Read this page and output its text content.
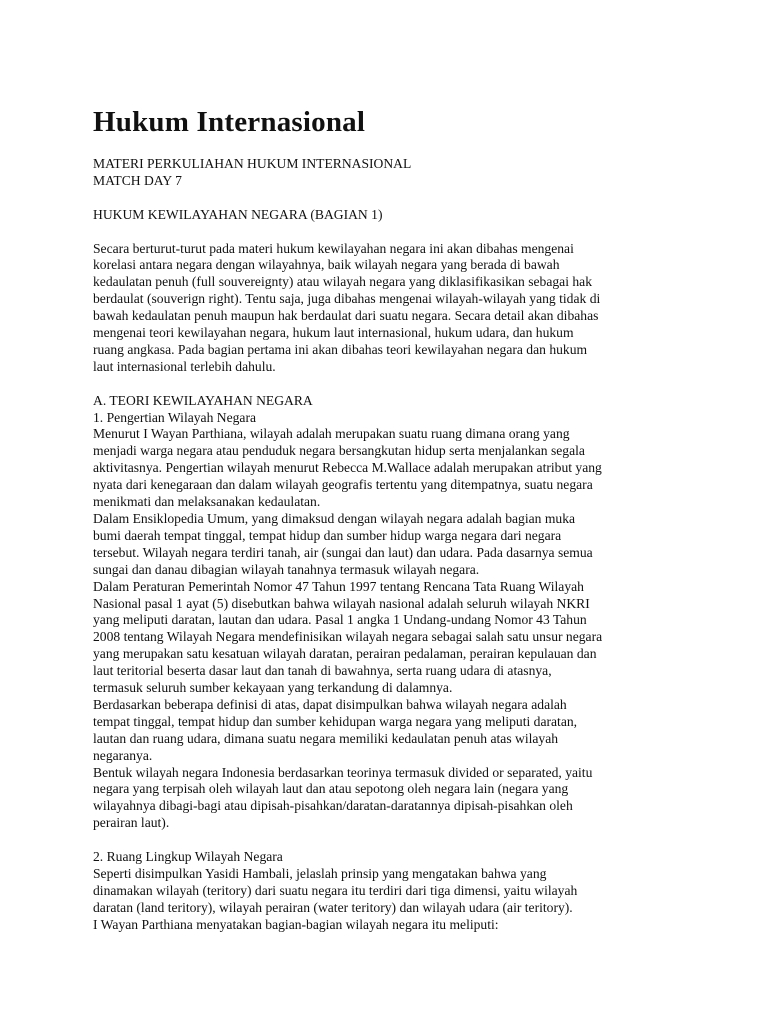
Hukum Internasional
MATERI PERKULIAHAN HUKUM INTERNASIONAL
MATCH DAY 7
HUKUM KEWILAYAHAN NEGARA (BAGIAN 1)
Secara berturut-turut pada materi hukum kewilayahan negara ini akan dibahas mengenai
korelasi antara negara dengan wilayahnya, baik wilayah negara yang berada di bawah
kedaulatan penuh (full souvereignty) atau wilayah negara yang diklasifikasikan sebagai hak
berdaulat (souverign right). Tentu saja, juga dibahas mengenai wilayah-wilayah yang tidak di
bawah kedaulatan penuh maupun hak berdaulat dari suatu negara. Secara detail akan dibahas
mengenai teori kewilayahan negara, hukum laut internasional, hukum udara, dan hukum
ruang angkasa. Pada bagian pertama ini akan dibahas teori kewilayahan negara dan hukum
laut internasional terlebih dahulu.
A. TEORI KEWILAYAHAN NEGARA
1. Pengertian Wilayah Negara
Menurut I Wayan Parthiana, wilayah adalah merupakan suatu ruang dimana orang yang
menjadi warga negara atau penduduk negara bersangkutan hidup serta menjalankan segala
aktivitasnya. Pengertian wilayah menurut Rebecca M.Wallace adalah merupakan atribut yang
nyata dari kenegaraan dan dalam wilayah geografis tertentu yang ditempatnya, suatu negara
menikmati dan melaksanakan kedaulatan.
Dalam Ensiklopedia Umum, yang dimaksud dengan wilayah negara adalah bagian muka
bumi daerah tempat tinggal, tempat hidup dan sumber hidup warga negara dari negara
tersebut. Wilayah negara terdiri tanah, air (sungai dan laut) dan udara. Pada dasarnya semua
sungai dan danau dibagian wilayah tanahnya termasuk wilayah negara.
Dalam Peraturan Pemerintah Nomor 47 Tahun 1997 tentang Rencana Tata Ruang Wilayah
Nasional pasal 1 ayat (5) disebutkan bahwa wilayah nasional adalah seluruh wilayah NKRI
yang meliputi daratan, lautan dan udara. Pasal 1 angka 1 Undang-undang Nomor 43 Tahun
2008 tentang Wilayah Negara mendefinisikan wilayah negara sebagai salah satu unsur negara
yang merupakan satu kesatuan wilayah daratan, perairan pedalaman, perairan kepulauan dan
laut teritorial beserta dasar laut dan tanah di bawahnya, serta ruang udara di atasnya,
termasuk seluruh sumber kekayaan yang terkandung di dalamnya.
Berdasarkan beberapa definisi di atas, dapat disimpulkan bahwa wilayah negara adalah
tempat tinggal, tempat hidup dan sumber kehidupan warga negara yang meliputi daratan,
lautan dan ruang udara, dimana suatu negara memiliki kedaulatan penuh atas wilayah
negaranya.
Bentuk wilayah negara Indonesia berdasarkan teorinya termasuk divided or separated, yaitu
negara yang terpisah oleh wilayah laut dan atau sepotong oleh negara lain (negara yang
wilayahnya dibagi-bagi atau dipisah-pisahkan/daratan-daratannya dipisah-pisahkan oleh
perairan laut).
2. Ruang Lingkup Wilayah Negara
Seperti disimpulkan Yasidi Hambali, jelaslah prinsip yang mengatakan bahwa yang
dinamakan wilayah (teritory) dari suatu negara itu terdiri dari tiga dimensi, yaitu wilayah
daratan (land teritory), wilayah perairan (water teritory) dan wilayah udara (air teritory).
I Wayan Parthiana menyatakan bagian-bagian wilayah negara itu meliputi:
